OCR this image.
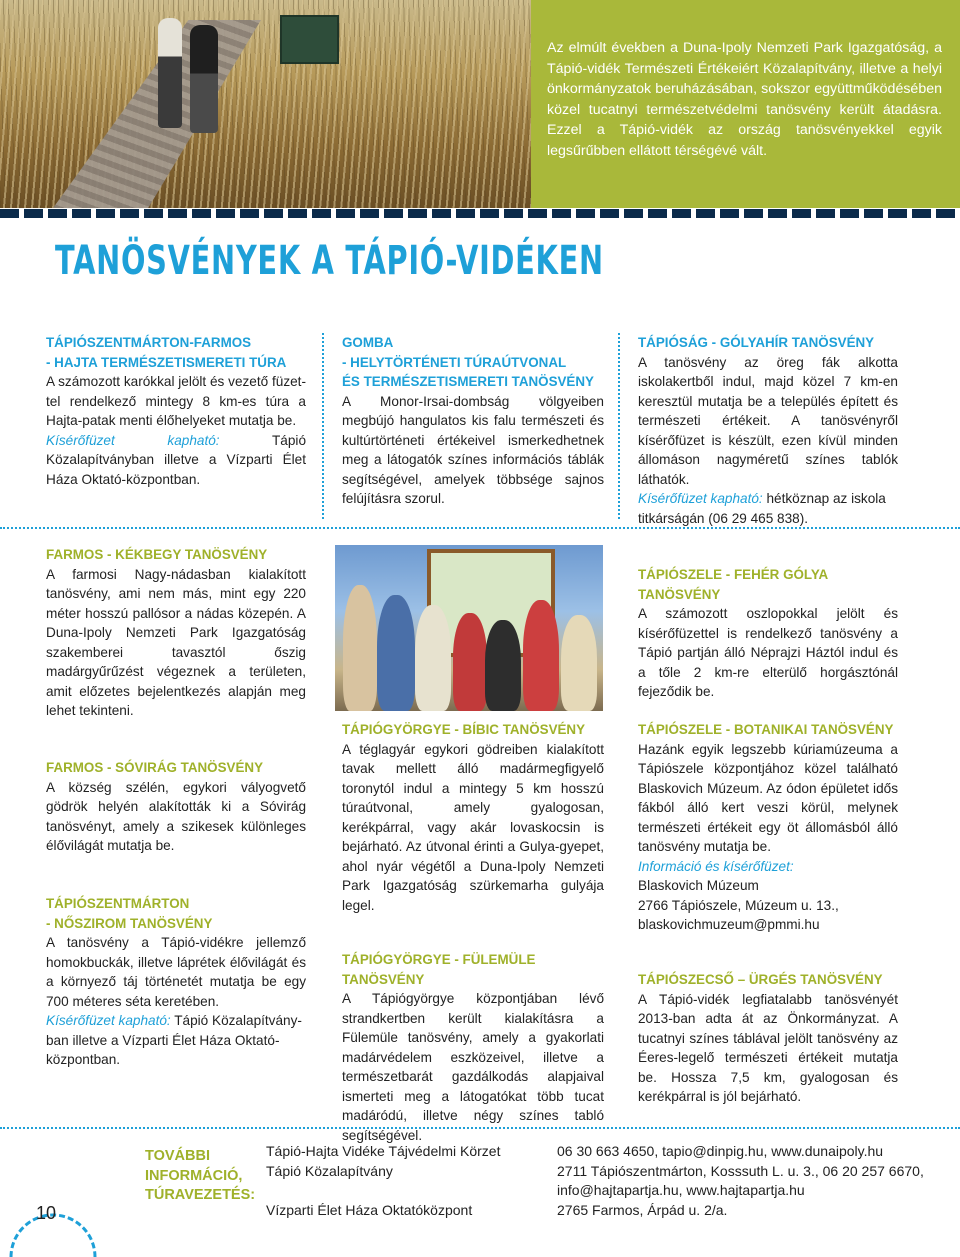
Az elmúlt években a Duna-Ipoly Nemzeti Park Igazgatóság, a Tápió-vidék Természeti Értékeiért Közalapítvány, illetve a helyi önkormányzatok beruházásában, sokszor együttműködésében közel tucatnyi természetvédelmi tanösvény került átadásra. Ezzel a Tápió-vidék az ország tanösvényekkel egyik legsűrűbben ellátott térségévé vált.

TANÖSVÉNYEK A TÁPIÓ-VIDÉKEN
TÁPIÓSZENTMÁRTON-FARMOS
- HAJTA TERMÉSZETISMERETI TÚRA

A számozott karókkal jelölt és vezető füzet-tel rendelkező mintegy 8 km-es túra a Hajta-patak menti élőhelyeket mutatja be.

Kísérőfüzet kapható:	Tápió Közalapítványban illetve a Vízparti Élet Háza Oktató-központban.

GOMBA
- HELYTÖRTÉNETI TÚRAÚTVONAL
ÉS TERMÉSZETISMERETI TANÖSVÉNY

A Monor-Irsai-dombság völgyeiben megbújó hangulatos kis falu természeti és kultúrtörténeti értékeivel ismerkedhetnek meg a látogatók színes információs táblák segítségével, amelyek többsége sajnos felújításra szorul.

TÁPIÓSÁG - GÓLYAHÍR TANÖSVÉNY

A tanösvény az öreg fák alkotta iskolakertből indul, majd közel 7 km-en keresztül mutatja be a település épített és természeti értékeit. A tanösvényről kísérőfüzet is készült, ezen kívül minden állomáson nagyméretű színes tablók láthatók.

Kísérőfüzet kapható: hétköznap az iskola titkárságán (06 29 465 838).

FARMOS - KÉKBEGY TANÖSVÉNY

A farmosi Nagy-nádasban kialakított tanösvény, ami nem más, mint egy 220 méter hosszú pallósor a nádas közepén. A Duna-Ipoly Nemzeti Park Igazgatóság szakemberei tavasztól őszig madárgyűrűzést végeznek a területen, amit előzetes bejelentkezés alapján meg lehet tekinteni.

FARMOS - SÓVIRÁG TANÖSVÉNY

A község szélén, egykori vályogvető gödrök helyén alakították ki a Sóvirág tanösvényt, amely a szikesek különleges élővilágát mutatja be.

TÁPIÓSZENTMÁRTON
- NŐSZIROM TANÖSVÉNY

A tanösvény a Tápió-vidékre jellemző homokbuckák, illetve láprétek élővilágát és a környező táj történetét mutatja be egy 700 méteres séta keretében.

Kísérőfüzet kapható: Tápió Közalapítvány-ban illetve a Vízparti Élet Háza Oktató-központban.

TÁPIÓGYÖRGYE - BÍBIC TANÖSVÉNY

A téglagyár egykori gödreiben kialakított tavak mellett álló madármegfigyelő toronytól indul a mintegy 5 km hosszú túraútvonal, amely gyalogosan, kerékpárral, vagy akár lovaskocsin is bejárható. Az útvonal érinti a Gulya-gyepet, ahol nyár végétől a Duna-Ipoly Nemzeti Park Igazgatóság szürkemarha gulyája legel.

TÁPIÓGYÖRGYE - FÜLEMÜLE TANÖSVÉNY

A Tápiógyörgye központjában lévő strandkertben került kialakításra a Fülemüle tanösvény, amely a gyakorlati madárvédelem eszközeivel, illetve a természetbarát gazdálkodás alapjaival ismerteti meg a látogatókat több tucat madáródú, illetve négy színes tabló segítségével.

TÁPIÓSZELE - FEHÉR GÓLYA TANÖSVÉNY

A számozott oszlopokkal jelölt és kísérőfüzettel is rendelkező tanösvény a Tápió partján álló Néprajzi Háztól indul és a tőle 2 km-re elterülő horgásztónál fejeződik be.

TÁPIÓSZELE - BOTANIKAI TANÖSVÉNY

Hazánk egyik legszebb kúriamúzeuma a Tápiószele központjához közel található Blaskovich Múzeum. Az ódon épületet idős fákból álló kert veszi körül, melynek természeti értékeit egy öt állomásból álló tanösvény mutatja be.

Információ és kísérőfüzet:

Blaskovich Múzeum

2766 Tápiószele, Múzeum u. 13.,

blaskovichmuzeum@pmmi.hu

TÁPIÓSZECSŐ – ÜRGÉS TANÖSVÉNY

A Tápió-vidék legfiatalabb tanösvényét 2013-ban adta át az Önkormányzat. A tucatnyi színes táblával jelölt tanösvény az Éeres-legelő természeti értékeit mutatja be. Hossza 7,5 km, gyalogosan és kerékpárral is jól bejárható.

10
TOVÁBBI
INFORMÁCIÓ,
TÚRAVEZETÉS:
Tápió-Hajta Vidéke Tájvédelmi Körzet
Tápió Közalapítvány
Vízparti Élet Háza Oktatóközpont
06 30 663 4650, tapio@dinpig.hu, www.dunaipoly.hu
2711 Tápiószentmárton, Kosssuth L. u. 3., 06 20 257 6670,
info@hajtapartja.hu, www.hajtapartja.hu
2765 Farmos, Árpád u. 2/a.
